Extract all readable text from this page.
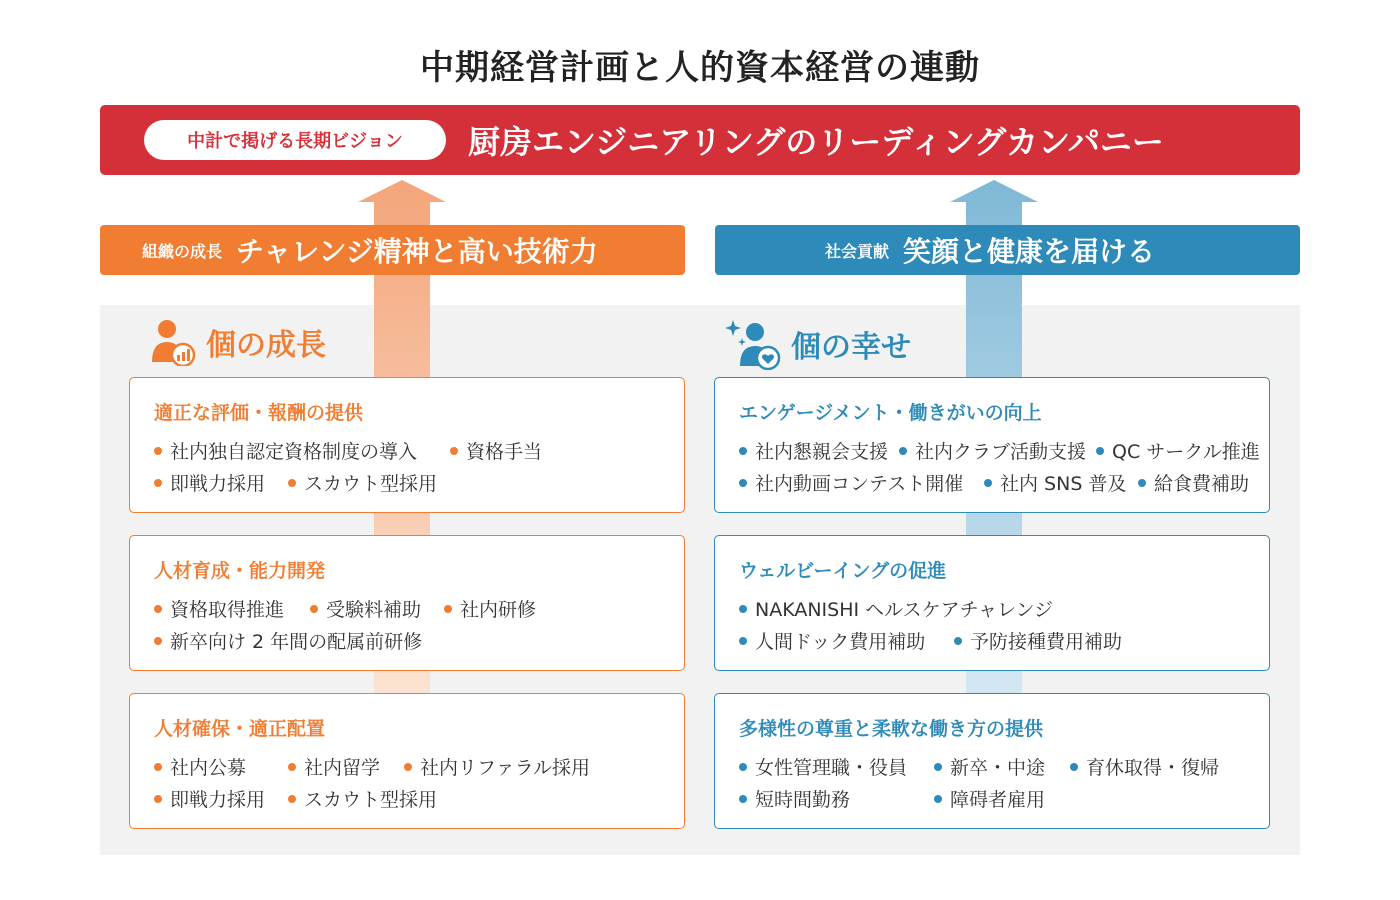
中期経営計画と人的資本経営の連動
中計で掲げる長期ビジョン	厨房エンジニアリングのリーディングカンパニー
組織の成長 チャレンジ精神と高い技術力	社会貢献 笑顔と健康を届ける
個の成長	個の幸せ
適正な評価・報酬の提供
社内独自認定資格制度の導入	資格手当
即戦力採用 スカウト型採用
人材育成・能力開発
資格取得推進 受験料補助 社内研修
新卒向け 2 年間の配属前研修
人材確保・適正配置
社内公募	社内留学 社内リファラル採用
即戦力採用 スカウト型採用
エンゲージメント・働きがいの向上
社内懇親会支援 社内クラブ活動支援 QC サークル推進
社内動画コンテスト開催 社内 SNS 普及 給食費補助
ウェルビーイングの促進
NAKANISHI ヘルスケアチャレンジ
人間ドック費用補助 予防接種費用補助
多様性の尊重と柔軟な働き方の提供
女性管理職・役員 新卒・中途 育休取得・復帰
短時間勤務	障碍者雇用
